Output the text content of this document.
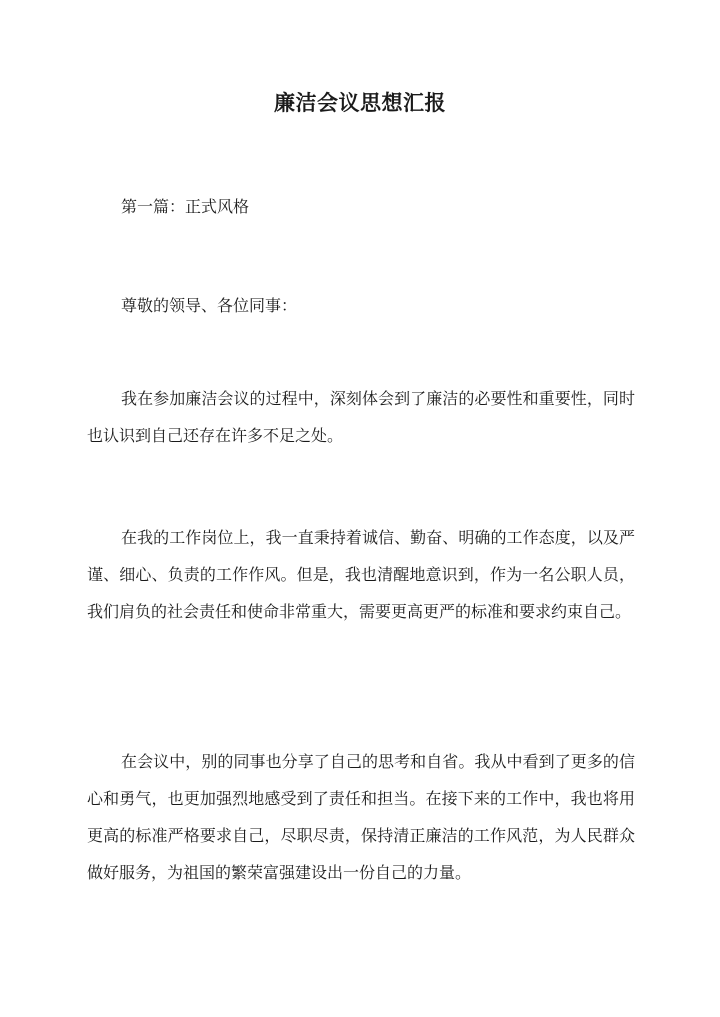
廉洁会议思想汇报

第一篇：正式风格

尊敬的领导、各位同事：

我在参加廉洁会议的过程中，深刻体会到了廉洁的必要性和重要性，同时也认识到自己还存在许多不足之处。

在我的工作岗位上，我一直秉持着诚信、勤奋、明确的工作态度，以及严谨、细心、负责的工作作风。但是，我也清醒地意识到，作为一名公职人员，我们肩负的社会责任和使命非常重大，需要更高更严的标准和要求约束自己。

在会议中，别的同事也分享了自己的思考和自省。我从中看到了更多的信心和勇气，也更加强烈地感受到了责任和担当。在接下来的工作中，我也将用更高的标准严格要求自己，尽职尽责，保持清正廉洁的工作风范，为人民群众做好服务，为祖国的繁荣富强建设出一份自己的力量。
